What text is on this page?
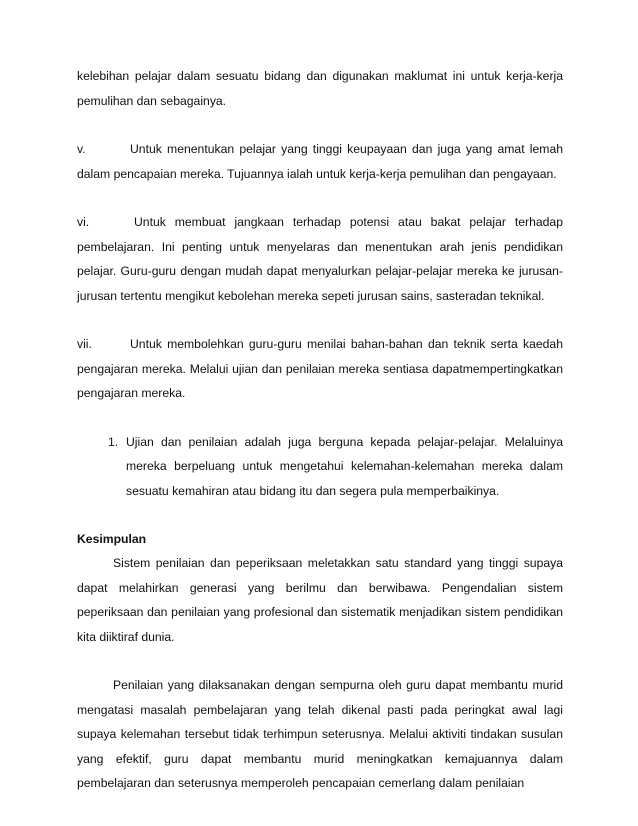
kelebihan pelajar dalam sesuatu bidang dan digunakan maklumat ini untuk kerja-kerja pemulihan dan sebagainya.

v.	Untuk menentukan pelajar yang tinggi keupayaan dan juga yang amat lemah dalam pencapaian mereka. Tujuannya ialah untuk kerja-kerja pemulihan dan pengayaan.

vi.	Untuk membuat jangkaan terhadap potensi atau bakat pelajar terhadap pembelajaran. Ini penting untuk menyelaras dan menentukan arah jenis pendidikan pelajar. Guru-guru dengan mudah dapat menyalurkan pelajar-pelajar mereka ke jurusan-jurusan tertentu mengikut kebolehan mereka sepeti jurusan sains, sasteradan teknikal.

vii.	Untuk membolehkan guru-guru menilai bahan-bahan dan teknik serta kaedah pengajaran mereka. Melalui ujian dan penilaian mereka sentiasa dapatmempertingkatkan pengajaran mereka.

1. Ujian dan penilaian adalah juga berguna kepada pelajar-pelajar. Melaluinya mereka berpeluang untuk mengetahui kelemahan-kelemahan mereka dalam sesuatu kemahiran atau bidang itu dan segera pula memperbaikinya.

Kesimpulan

Sistem penilaian dan peperiksaan meletakkan satu standard yang tinggi supaya dapat melahirkan generasi yang berilmu dan berwibawa. Pengendalian sistem peperiksaan dan penilaian yang profesional dan sistematik menjadikan sistem pendidikan kita diiktiraf dunia.

Penilaian yang dilaksanakan dengan sempurna oleh guru dapat membantu murid mengatasi masalah pembelajaran yang telah dikenal pasti pada peringkat awal lagi supaya kelemahan tersebut tidak terhimpun seterusnya. Melalui aktiviti tindakan susulan yang efektif, guru dapat membantu murid meningkatkan kemajuannya dalam pembelajaran dan seterusnya memperoleh pencapaian cemerlang dalam penilaian
